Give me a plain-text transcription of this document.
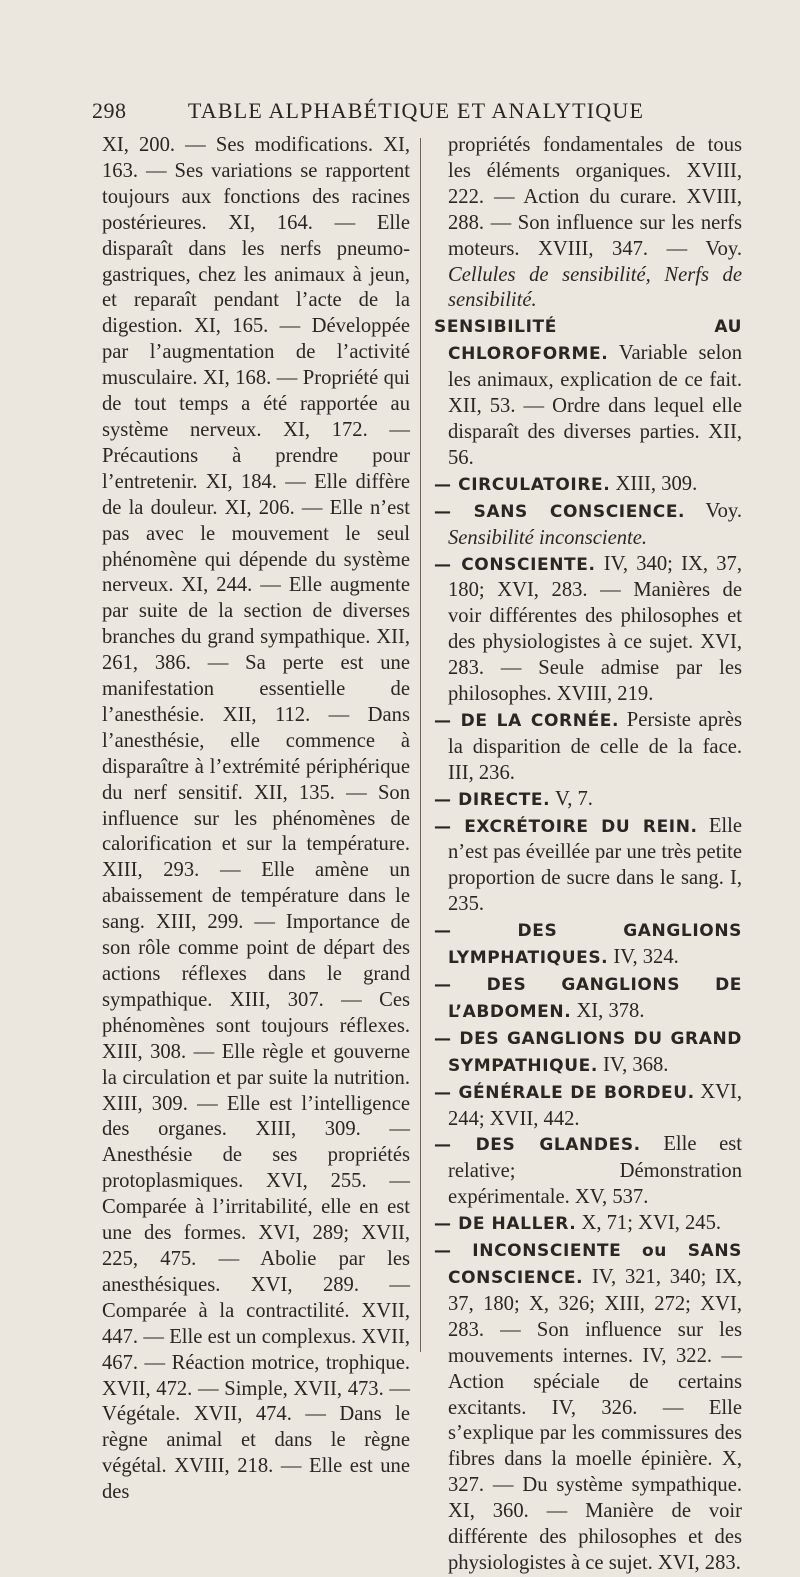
298	TABLE ALPHABÉTIQUE ET ANALYTIQUE

XI, 200. — Ses modifications. XI, 163. — Ses variations se rapportent toujours aux fonctions des racines postérieures. XI, 164. — Elle disparaît dans les nerfs pneumo-gastriques, chez les animaux à jeun, et reparaît pendant l’acte de la digestion. XI, 165. — Développée par l’augmentation de l’activité musculaire. XI, 168. — Propriété qui de tout temps a été rapportée au système nerveux. XI, 172. — Précautions à prendre pour l’entretenir. XI, 184. — Elle diffère de la douleur. XI, 206. — Elle n’est pas avec le mouvement le seul phénomène qui dépende du système nerveux. XI, 244. — Elle augmente par suite de la section de diverses branches du grand sympathique. XII, 261, 386. — Sa perte est une manifestation essentielle de l’anesthésie. XII, 112. — Dans l’anesthésie, elle commence à disparaître à l’extrémité périphérique du nerf sensitif. XII, 135. — Son influence sur les phénomènes de calorification et sur la température. XIII, 293. — Elle amène un abaissement de température dans le sang. XIII, 299. — Importance de son rôle comme point de départ des actions réflexes dans le grand sympathique. XIII, 307. — Ces phénomènes sont toujours réflexes. XIII, 308. — Elle règle et gouverne la circulation et par suite la nutrition. XIII, 309. — Elle est l’intelligence des organes. XIII, 309. — Anesthésie de ses propriétés protoplasmiques. XVI, 255. — Comparée à l’irritabilité, elle en est une des formes. XVI, 289; XVII, 225, 475. — Abolie par les anesthésiques. XVI, 289. — Comparée à la contractilité. XVII, 447. — Elle est un complexus. XVII, 467. — Réaction motrice, trophique. XVII, 472. — Simple, XVII, 473. — Végétale. XVII, 474. — Dans le règne animal et dans le règne végétal. XVIII, 218. — Elle est une des

propriétés fondamentales de tous les éléments organiques. XVIII, 222. — Action du curare. XVIII, 288. — Son influence sur les nerfs moteurs. XVIII, 347. — Voy. Cellules de sensibilité, Nerfs de sensibilité.
SENSIBILITÉ AU CHLOROFORME. Variable selon les animaux, explication de ce fait. XII, 53. — Ordre dans lequel elle disparaît des diverses parties. XII, 56.
— CIRCULATOIRE. XIII, 309.
— SANS CONSCIENCE. Voy. Sensibilité inconsciente.
— CONSCIENTE. IV, 340; IX, 37, 180; XVI, 283. — Manières de voir différentes des philosophes et des physiologistes à ce sujet. XVI, 283. — Seule admise par les philosophes. XVIII, 219.
— DE LA CORNÉE. Persiste après la disparition de celle de la face. III, 236.
— DIRECTE. V, 7.
— EXCRÉTOIRE DU REIN. Elle n’est pas éveillée par une très petite proportion de sucre dans le sang. I, 235.
— DES GANGLIONS LYMPHATIQUES. IV, 324.
— DES GANGLIONS DE L’ABDOMEN. XI, 378.
— DES GANGLIONS DU GRAND SYMPATHIQUE. IV, 368.
— GÉNÉRALE DE BORDEU. XVI, 244; XVII, 442.
— DES GLANDES. Elle est relative; Démonstration expérimentale. XV, 537.
— DE HALLER. X, 71; XVI, 245.
— INCONSCIENTE ou SANS CONSCIENCE. IV, 321, 340; IX, 37, 180; X, 326; XIII, 272; XVI, 283. — Son influence sur les mouvements internes. IV, 322. — Action spéciale de certains excitants. IV, 326. — Elle s’explique par les commissures des fibres dans la moelle épinière. X, 327. — Du système sympathique. XI, 360. — Manière de voir différente des philosophes et des physiologistes à ce sujet. XVI, 283.
